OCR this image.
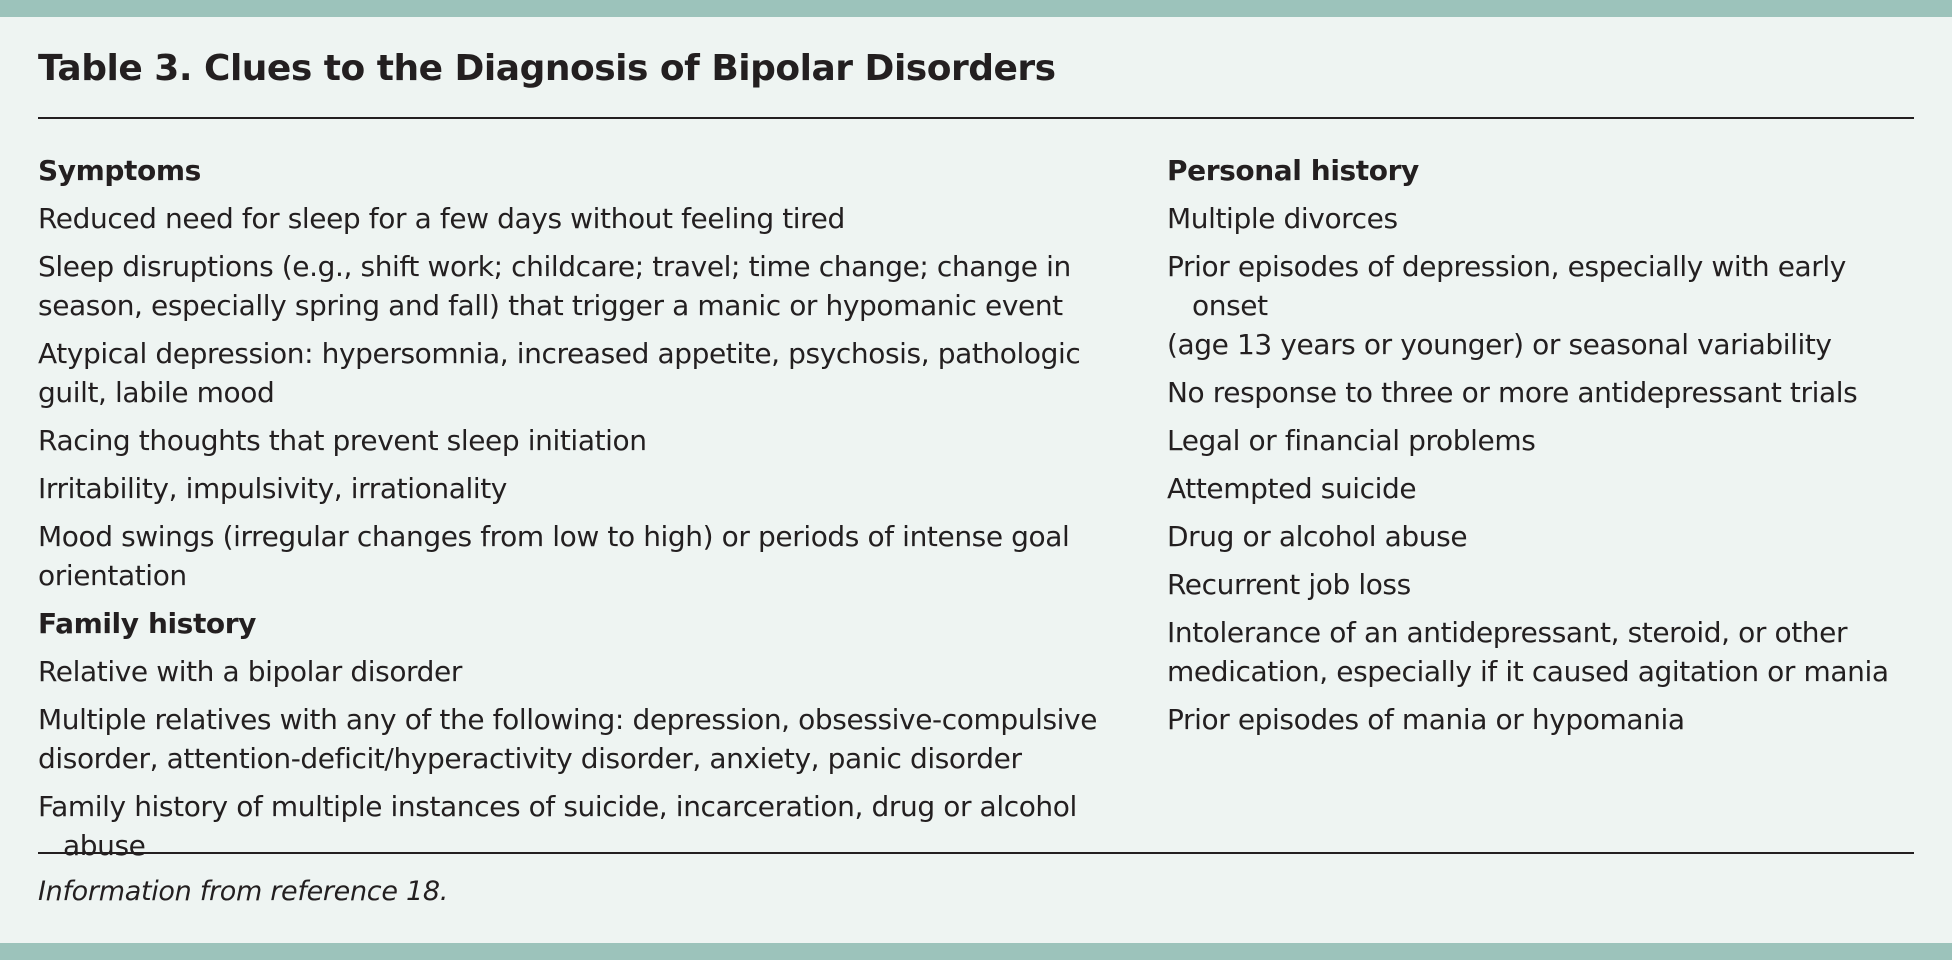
Table 3. Clues to the Diagnosis of Bipolar Disorders
Symptoms
Reduced need for sleep for a few days without feeling tired
Sleep disruptions (e.g., shift work; childcare; travel; time change; change in
season, especially spring and fall) that trigger a manic or hypomanic event
Atypical depression: hypersomnia, increased appetite, psychosis, pathologic
guilt, labile mood
Racing thoughts that prevent sleep initiation
Irritability, impulsivity, irrationality
Mood swings (irregular changes from low to high) or periods of intense goal
orientation
Family history
Relative with a bipolar disorder
Multiple relatives with any of the following: depression, obsessive-compulsive
disorder, attention-deficit/hyperactivity disorder, anxiety, panic disorder
Family history of multiple instances of suicide, incarceration, drug or alcohol abuse
Personal history
Multiple divorces
Prior episodes of depression, especially with early onset
(age 13 years or younger) or seasonal variability
No response to three or more antidepressant trials
Legal or financial problems
Attempted suicide
Drug or alcohol abuse
Recurrent job loss
Intolerance of an antidepressant, steroid, or other
medication, especially if it caused agitation or mania
Prior episodes of mania or hypomania
Information from reference 18.
